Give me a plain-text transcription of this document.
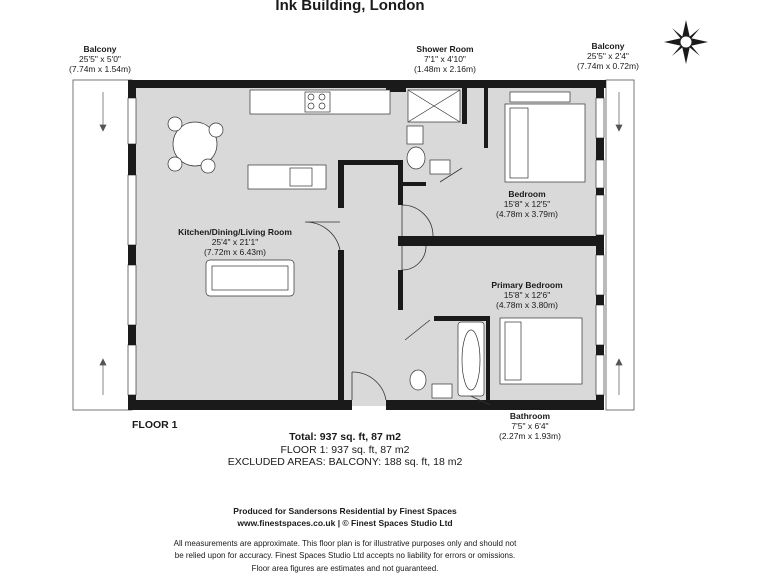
Ink Building, London
Balcony
25'5" x 5'0"
(7.74m x 1.54m)
Shower Room
7'1" x 4'10"
(1.48m x 2.16m)
Balcony
25'5" x 2'4"
(7.74m x 0.72m)
Bedroom
15'8" x 12'5"
(4.78m x 3.79m)
Kitchen/Dining/Living Room
25'4" x 21'1"
(7.72m x 6.43m)
Primary Bedroom
15'8" x 12'6"
(4.78m x 3.80m)
Bathroom
7'5" x 6'4"
(2.27m x 1.93m)
FLOOR 1
Total: 937 sq. ft, 87 m2
FLOOR 1: 937 sq. ft, 87 m2
EXCLUDED AREAS: BALCONY: 188 sq. ft, 18 m2
Produced for Sandersons Residential by Finest Spaces
www.finestspaces.co.uk | © Finest Spaces Studio Ltd
All measurements are approximate. This floor plan is for illustrative purposes only and should not
be relied upon for accuracy. Finest Spaces Studio Ltd accepts no liability for errors or omissions.
Floor area figures are estimates and not guaranteed.
